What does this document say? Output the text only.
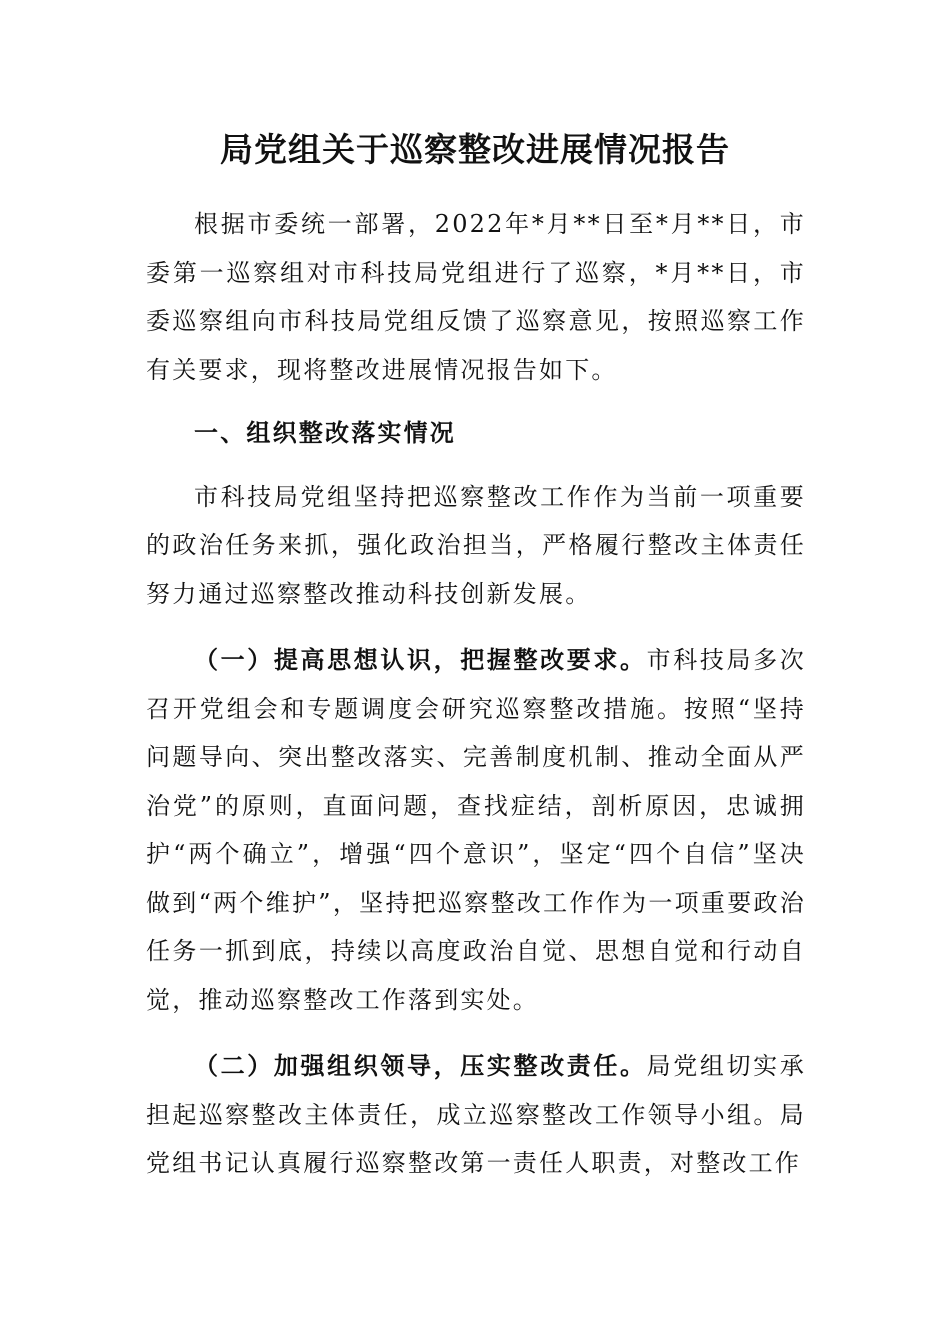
局党组关于巡察整改进展情况报告

根据市委统一部署，2022年*月**日至*月**日，市委第一巡察组对市科技局党组进行了巡察，*月**日，市委巡察组向市科技局党组反馈了巡察意见，按照巡察工作有关要求，现将整改进展情况报告如下。

一、组织整改落实情况

市科技局党组坚持把巡察整改工作作为当前一项重要的政治任务来抓，强化政治担当，严格履行整改主体责任努力通过巡察整改推动科技创新发展。

（一）提高思想认识，把握整改要求。市科技局多次召开党组会和专题调度会研究巡察整改措施。按照“坚持问题导向、突出整改落实、完善制度机制、推动全面从严治党”的原则，直面问题，查找症结，剖析原因，忠诚拥护“两个确立”，增强“四个意识”，坚定“四个自信”坚决做到“两个维护”，坚持把巡察整改工作作为一项重要政治任务一抓到底，持续以高度政治自觉、思想自觉和行动自觉，推动巡察整改工作落到实处。

（二）加强组织领导，压实整改责任。局党组切实承担起巡察整改主体责任，成立巡察整改工作领导小组。局党组书记认真履行巡察整改第一责任人职责，对整改工作
